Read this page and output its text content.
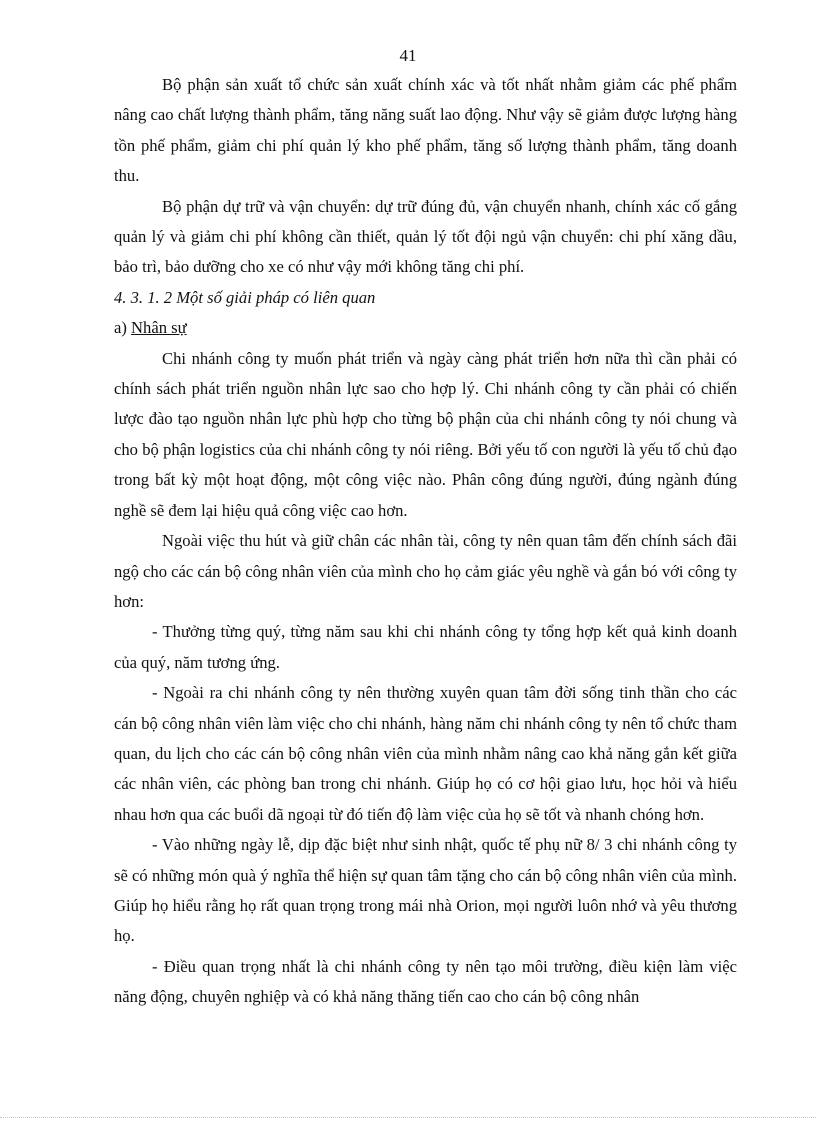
41

Bộ phận sản xuất tổ chức sản xuất chính xác và tốt nhất nhằm giảm các phế phẩm nâng cao chất lượng thành phẩm, tăng năng suất lao động. Như vậy sẽ giảm được lượng hàng tồn phế phẩm, giảm chi phí quản lý kho phế phẩm, tăng số lượng thành phẩm, tăng doanh thu.

Bộ phận dự trữ và vận chuyển: dự trữ đúng đủ, vận chuyển nhanh, chính xác cố gắng quản lý và giảm chi phí không cần thiết, quản lý tốt đội ngủ vận chuyển: chi phí xăng dầu, bảo trì, bảo dưỡng cho xe có như vậy mới không tăng chi phí.

4. 3. 1. 2 Một số giải pháp có liên quan

a) Nhân sự

Chi nhánh công ty muốn phát triển và ngày càng phát triển hơn nữa thì cần phải có chính sách phát triển nguồn nhân lực sao cho hợp lý. Chi nhánh công ty cần phải có chiến lược đào tạo nguồn nhân lực phù hợp cho từng bộ phận của chi nhánh công ty nói chung và cho bộ phận logistics của chi nhánh công ty nói riêng. Bởi yếu tố con người là yếu tố chủ đạo trong bất kỳ một hoạt động, một công việc nào. Phân công đúng người, đúng ngành đúng nghề sẽ đem lại hiệu quả công việc cao hơn.

Ngoài việc thu hút và giữ chân các nhân tài, công ty nên quan tâm đến chính sách đãi ngộ cho các cán bộ công nhân viên của mình cho họ cảm giác yêu nghề và gắn bó với công ty hơn:

- Thưởng từng quý, từng năm sau khi chi nhánh công ty tổng hợp kết quả kinh doanh của quý, năm tương ứng.

- Ngoài ra chi nhánh công ty nên thường xuyên quan tâm đời sống tinh thần cho các cán bộ công nhân viên làm việc cho chi nhánh, hàng năm chi nhánh công ty nên tổ chức tham quan, du lịch cho các cán bộ công nhân viên của mình nhằm nâng cao khả năng gắn kết giữa các nhân viên, các phòng ban trong chi nhánh. Giúp họ có cơ hội giao lưu, học hỏi và hiểu nhau hơn qua các buổi dã ngoại từ đó tiến độ làm việc của họ sẽ tốt và nhanh chóng hơn.

- Vào những ngày lễ, dịp đặc biệt như sinh nhật, quốc tế phụ nữ 8/ 3 chi nhánh công ty sẽ có những món quà ý nghĩa thể hiện sự quan tâm tặng cho cán bộ công nhân viên của mình. Giúp họ hiểu rằng họ rất quan trọng trong mái nhà Orion, mọi người luôn nhớ và yêu thương họ.

- Điều quan trọng nhất là chi nhánh công ty nên tạo môi trường, điều kiện làm việc năng động, chuyên nghiệp và có khả năng thăng tiến cao cho cán bộ công nhân
